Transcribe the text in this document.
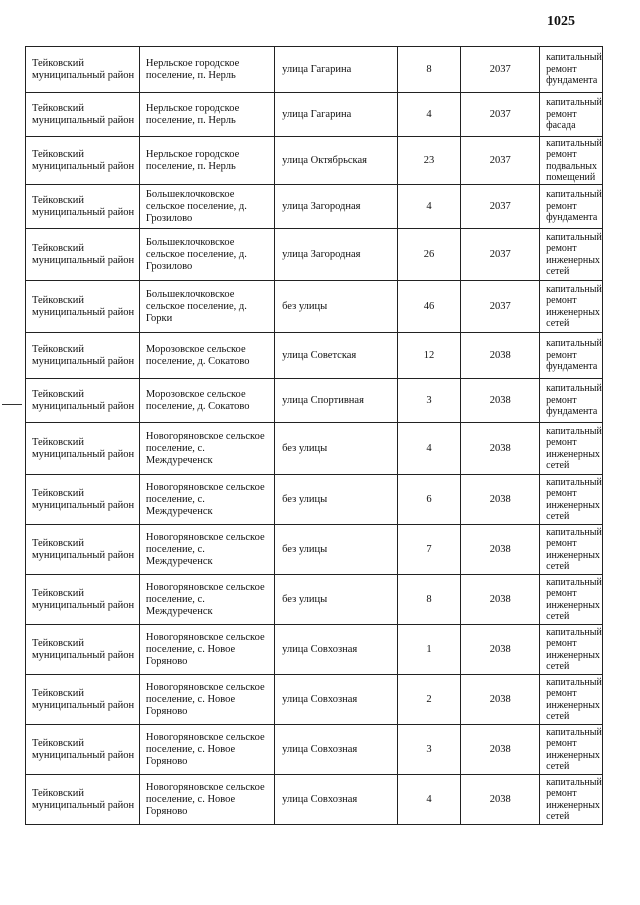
1025
Тейковский муниципальный район	Нерльское городское поселение, п. Нерль	улица Гагарина	8	2037	капитальный ремонт фундамента

Тейковский муниципальный район	Нерльское городское поселение, п. Нерль	улица Гагарина	4	2037	капитальный ремонт фасада

Тейковский муниципальный район	Нерльское городское поселение, п. Нерль	улица Октябрьская	23	2037	капитальный ремонт подвальных помещений

Тейковский муниципальный район	Большеклочковское сельское поселение, д. Грозилово	улица Загородная	4	2037	капитальный ремонт фундамента

Тейковский муниципальный район	Большеклочковское сельское поселение, д. Грозилово	улица Загородная	26	2037	капитальный ремонт инженерных сетей

Тейковский муниципальный район	Большеклочковское сельское поселение, д. Горки	без улицы	46	2037	капитальный ремонт инженерных сетей

Тейковский муниципальный район	Морозовское сельское поселение, д. Сокатово	улица Советская	12	2038	капитальный ремонт фундамента

Тейковский муниципальный район	Морозовское сельское поселение, д. Сокатово	улица Спортивная	3	2038	капитальный ремонт фундамента

Тейковский муниципальный район	Новогоряновское сельское поселение, с. Междуреченск	без улицы	4	2038	капитальный ремонт инженерных сетей

Тейковский муниципальный район	Новогоряновское сельское поселение, с. Междуреченск	без улицы	6	2038	капитальный ремонт инженерных сетей

Тейковский муниципальный район	Новогоряновское сельское поселение, с. Междуреченск	без улицы	7	2038	капитальный ремонт инженерных сетей

Тейковский муниципальный район	Новогоряновское сельское поселение, с. Междуреченск	без улицы	8	2038	капитальный ремонт инженерных сетей

Тейковский муниципальный район	Новогоряновское сельское поселение, с. Новое Горяново	улица Совхозная	1	2038	капитальный ремонт инженерных сетей

Тейковский муниципальный район	Новогоряновское сельское поселение, с. Новое Горяново	улица Совхозная	2	2038	капитальный ремонт инженерных сетей

Тейковский муниципальный район	Новогоряновское сельское поселение, с. Новое Горяново	улица Совхозная	3	2038	капитальный ремонт инженерных сетей

Тейковский муниципальный район	Новогоряновское сельское поселение, с. Новое Горяново	улица Совхозная	4	2038	капитальный ремонт инженерных сетей
